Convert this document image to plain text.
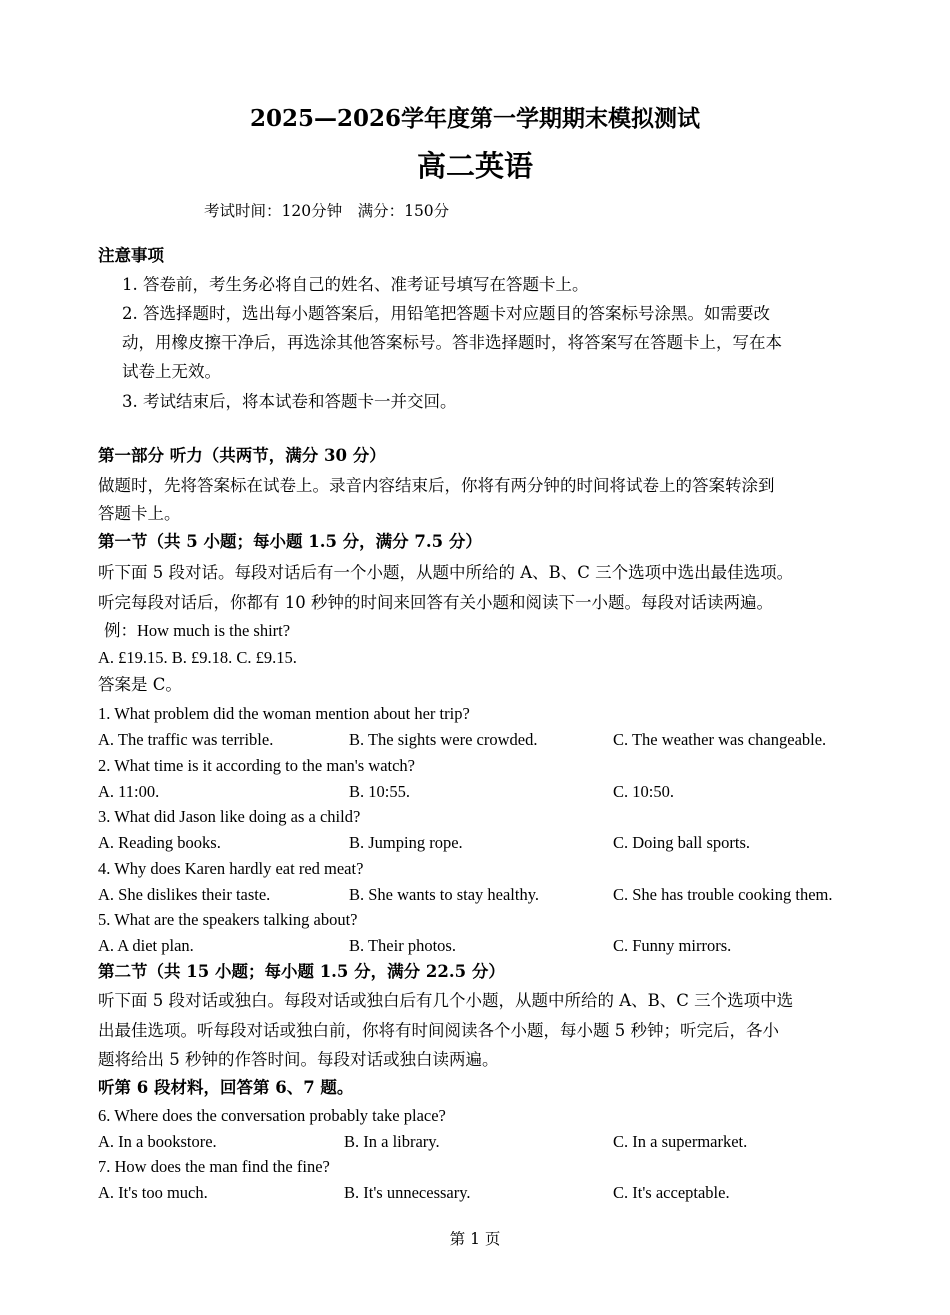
2025—2026学年度第一学期期末模拟测试
高二英语
考试时间：120分钟　满分：150分
注意事项
1. 答卷前，考生务必将自己的姓名、准考证号填写在答题卡上。
2. 答选择题时，选出每小题答案后，用铅笔把答题卡对应题目的答案标号涂黑。如需要改
动，用橡皮擦干净后，再选涂其他答案标号。答非选择题时，将答案写在答题卡上，写在本
试卷上无效。
3. 考试结束后，将本试卷和答题卡一并交回。
第一部分 听力（共两节，满分 30 分）
做题时，先将答案标在试卷上。录音内容结束后，你将有两分钟的时间将试卷上的答案转涂到
答题卡上。
第一节（共 5 小题；每小题 1.5 分，满分 7.5 分）
听下面 5 段对话。每段对话后有一个小题，从题中所给的 A、B、C 三个选项中选出最佳选项。
听完每段对话后，你都有 10 秒钟的时间来回答有关小题和阅读下一小题。每段对话读两遍。
例：How much is the shirt?
A. £19.15. B. £9.18. C. £9.15.
答案是 C。
1. What problem did the woman mention about her trip?
A. The traffic was terrible.	B. The sights were crowded.	C. The weather was changeable.
2. What time is it according to the man's watch?
A. 11:00.	B. 10:55.	C. 10:50.
3. What did Jason like doing as a child?
A. Reading books.	B. Jumping rope.	C. Doing ball sports.
4. Why does Karen hardly eat red meat?
A. She dislikes their taste.	B. She wants to stay healthy.	C. She has trouble cooking them.
5. What are the speakers talking about?
A. A diet plan.	B. Their photos.	C. Funny mirrors.
第二节（共 15 小题；每小题 1.5 分，满分 22.5 分）
听下面 5 段对话或独白。每段对话或独白后有几个小题，从题中所给的 A、B、C 三个选项中选
出最佳选项。听每段对话或独白前，你将有时间阅读各个小题，每小题 5 秒钟；听完后，各小
题将给出 5 秒钟的作答时间。每段对话或独白读两遍。
听第 6 段材料，回答第 6、7 题。
6. Where does the conversation probably take place?
A. In a bookstore.	B. In a library.	C. In a supermarket.
7. How does the man find the fine?
A. It's too much.	B. It's unnecessary.	C. It's acceptable.
第 1 页
